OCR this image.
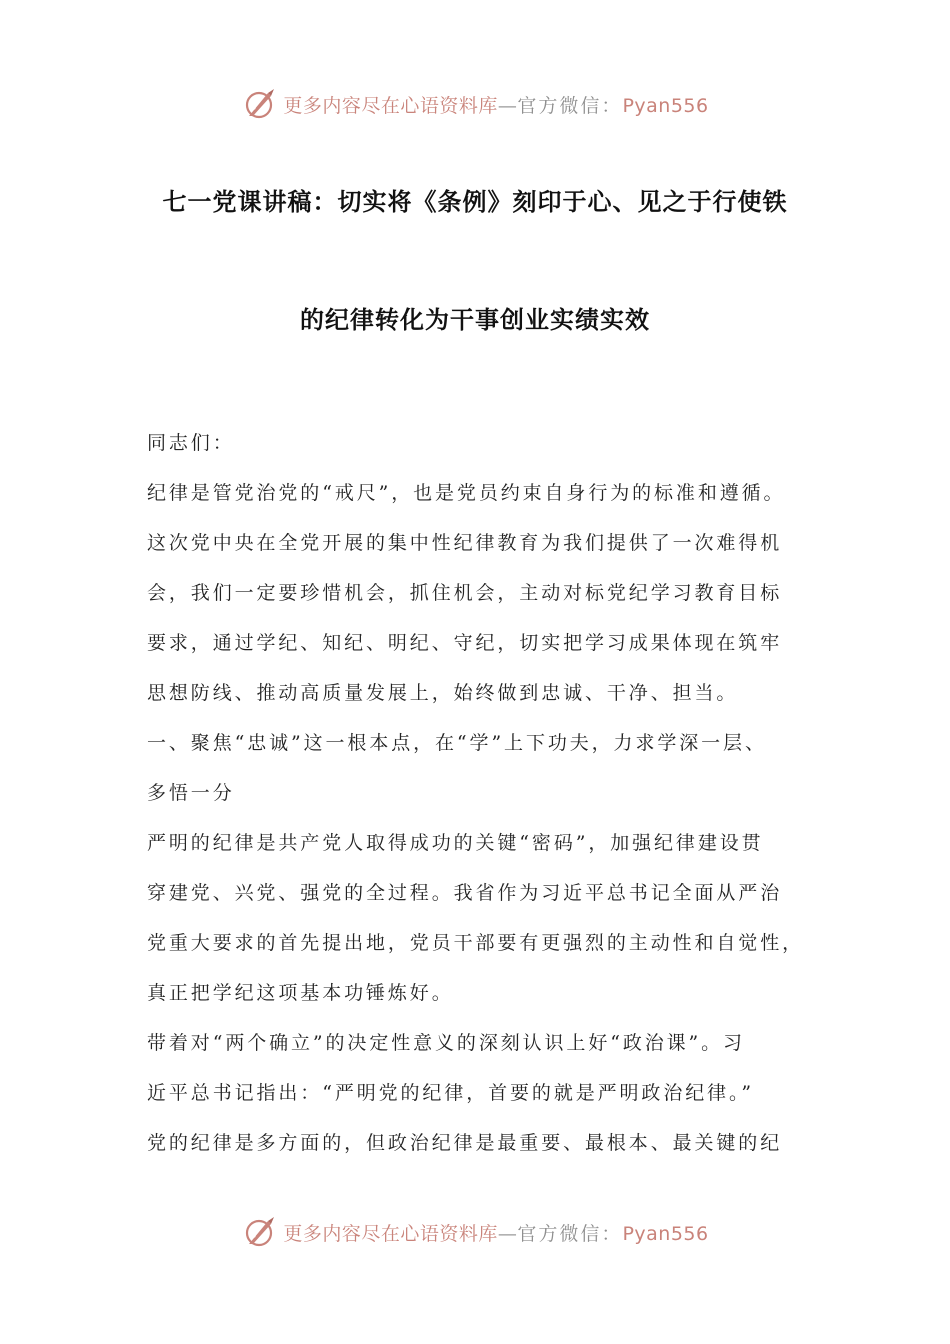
更多内容尽在心语资料库—官方微信：Pyan556
七一党课讲稿：切实将《条例》刻印于心、见之于行使铁
的纪律转化为干事创业实绩实效

同志们：

纪律是管党治党的“戒尺”，也是党员约束自身行为的标准和遵循。

这次党中央在全党开展的集中性纪律教育为我们提供了一次难得机

会，我们一定要珍惜机会，抓住机会，主动对标党纪学习教育目标

要求，通过学纪、知纪、明纪、守纪，切实把学习成果体现在筑牢

思想防线、推动高质量发展上，始终做到忠诚、干净、担当。

一、聚焦“忠诚”这一根本点，在“学”上下功夫，力求学深一层、

多悟一分

严明的纪律是共产党人取得成功的关键“密码”，加强纪律建设贯

穿建党、兴党、强党的全过程。我省作为习近平总书记全面从严治

党重大要求的首先提出地，党员干部要有更强烈的主动性和自觉性，

真正把学纪这项基本功锤炼好。

带着对“两个确立”的决定性意义的深刻认识上好“政治课”。习

近平总书记指出：“严明党的纪律，首要的就是严明政治纪律。”

党的纪律是多方面的，但政治纪律是最重要、最根本、最关键的纪

更多内容尽在心语资料库—官方微信：Pyan556
